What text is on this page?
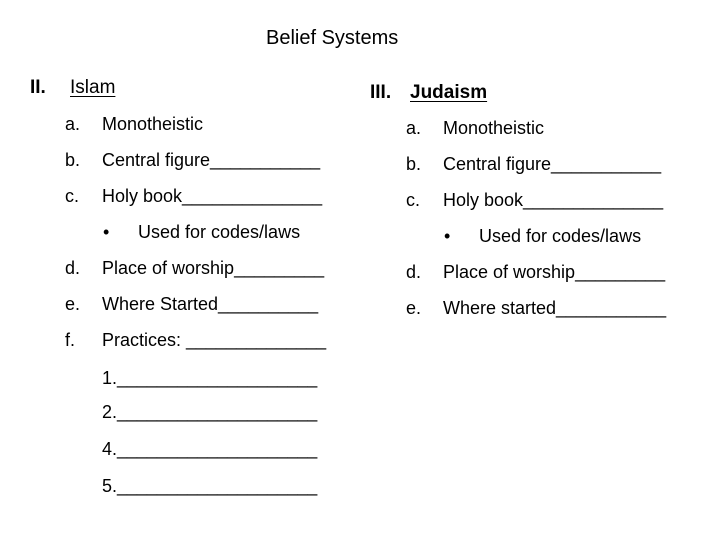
Belief Systems
II. Islam
a. Monotheistic
b. Central figure___________
c. Holy book______________
• Used for codes/laws
d. Place of worship_________
e. Where Started__________
f. Practices: ______________
1.____________________
2.____________________
4.____________________
5.____________________
III. Judaism
a. Monotheistic
b. Central figure___________
c. Holy book______________
• Used for codes/laws
d. Place of worship_________
e. Where started___________
